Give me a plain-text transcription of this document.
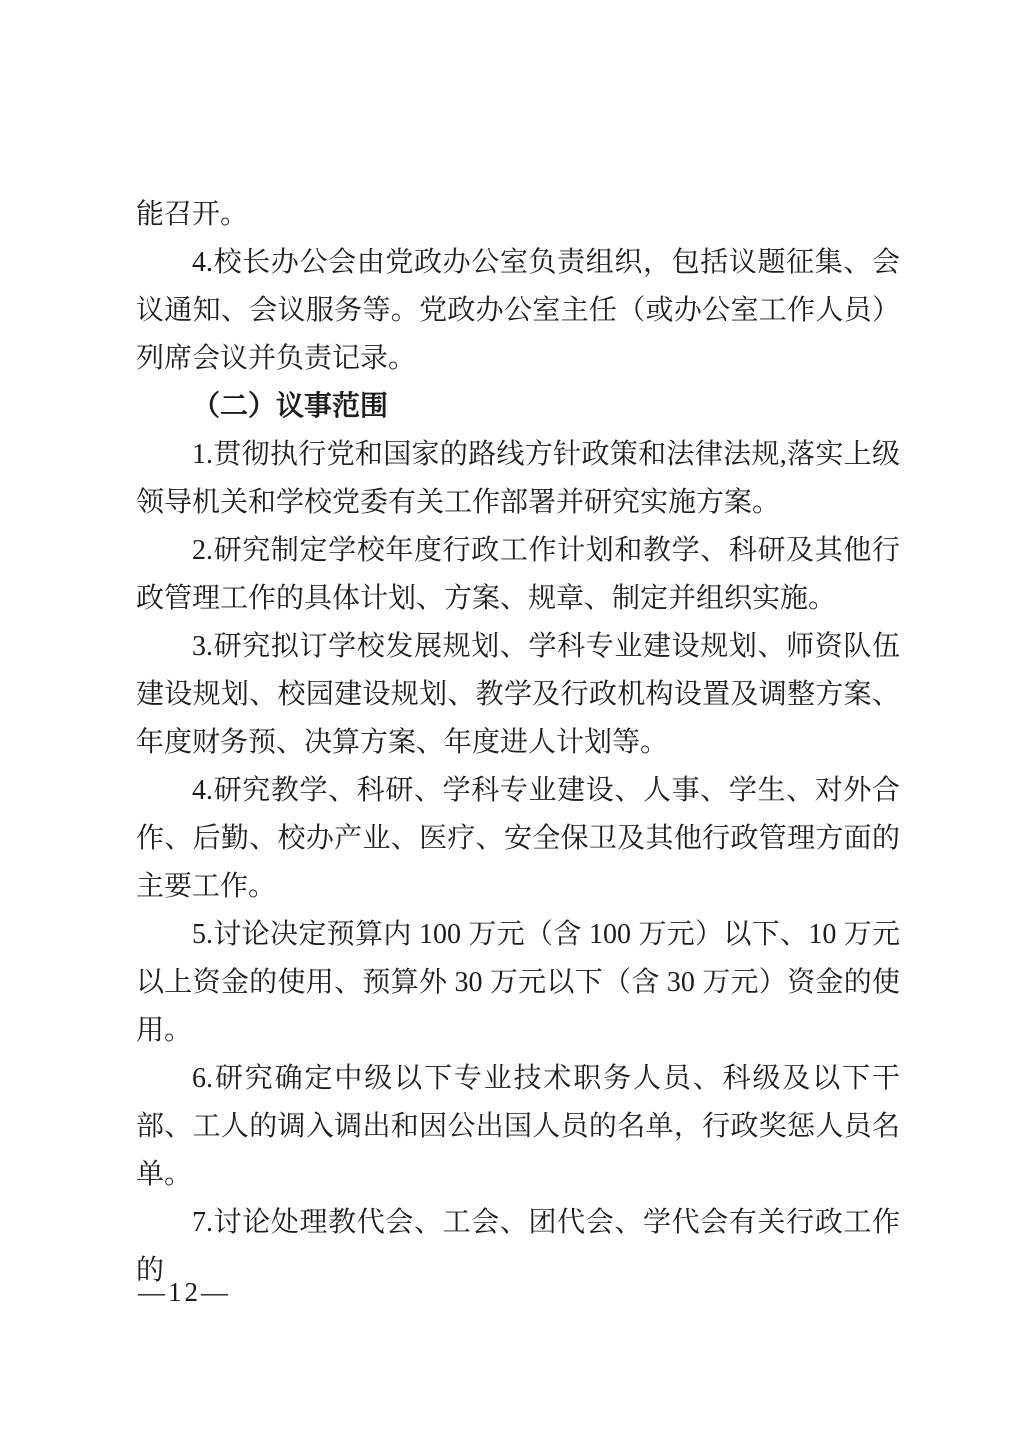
能召开。
4.校长办公会由党政办公室负责组织，包括议题征集、会
议通知、会议服务等。党政办公室主任（或办公室工作人员）
列席会议并负责记录。
（二）议事范围
1.贯彻执行党和国家的路线方针政策和法律法规,落实上级
领导机关和学校党委有关工作部署并研究实施方案。
2.研究制定学校年度行政工作计划和教学、科研及其他行
政管理工作的具体计划、方案、规章、制定并组织实施。
3.研究拟订学校发展规划、学科专业建设规划、师资队伍
建设规划、校园建设规划、教学及行政机构设置及调整方案、
年度财务预、决算方案、年度进人计划等。
4.研究教学、科研、学科专业建设、人事、学生、对外合
作、后勤、校办产业、医疗、安全保卫及其他行政管理方面的
主要工作。
5.讨论决定预算内 100 万元（含 100 万元）以下、10 万元
以上资金的使用、预算外 30 万元以下（含 30 万元）资金的使
用。
6.研究确定中级以下专业技术职务人员、科级及以下干
部、工人的调入调出和因公出国人员的名单，行政奖惩人员名
单。
7.讨论处理教代会、工会、团代会、学代会有关行政工作的
—12—
